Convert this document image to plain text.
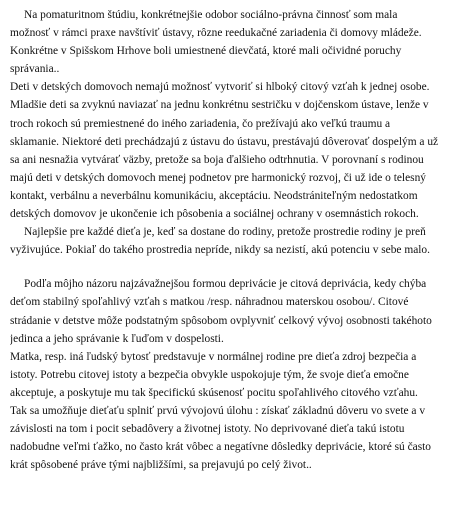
Na pomaturitnom štúdiu, konkrétnejšie odobor sociálno-právna činnosť som mala
možnosť v rámci praxe navštíviť ústavy, rôzne reedukačné zariadenia či domovy mládeže.
Konkrétne v Spišskom Hrhove boli umiestnené dievčatá, ktoré mali očividné poruchy
správania..
Deti v detských domovoch nemajú možnosť vytvoriť si hlboký citový vzťah k jednej osobe.
Mladšie deti sa zvyknú naviazať na jednu konkrétnu sestričku v dojčenskom ústave, lenže v
troch rokoch sú premiestnené do iného zariadenia, čo prežívajú ako veľkú traumu a
sklamanie. Niektoré deti prechádzajú z ústavu do ústavu, prestávajú dôverovať dospelým a už
sa ani nesnažia vytvárať väzby, pretože sa boja ďalšieho odtrhnutia. V porovnaní s rodinou
majú deti v detských domovoch menej podnetov pre harmonický rozvoj, či už ide o telesný
kontakt, verbálnu a neverbálnu komunikáciu, akceptáciu. Neodstrániteľným nedostatkom
detských domovov je ukončenie ich pôsobenia a sociálnej ochrany v osemnástich rokoch.
Najlepšie pre každé dieťa je, keď sa dostane do rodiny, pretože prostredie rodiny je preň
vyživujúce. Pokiaľ do takého prostredia nepríde, nikdy sa nezistí, akú potenciu v sebe malo.
Podľa môjho názoru najzávažnejšou formou deprivácie je citová deprivácia, kedy chýba
deťom stabilný spoľahlivý vzťah s matkou /resp. náhradnou materskou osobou/. Citové
strádanie v detstve môže podstatným spôsobom ovplyvniť celkový vývoj osobnosti takéhoto
jedinca a jeho správanie k ľuďom v dospelosti.
Matka, resp. iná ľudský bytosť predstavuje v normálnej rodine pre dieťa zdroj bezpečia a
istoty. Potrebu citovej istoty a bezpečia obvykle uspokojuje tým, že svoje dieťa emočne
akceptuje, a poskytuje mu tak špecifickú skúsenosť pocitu spoľahlivého citového vzťahu.
Tak sa umožňuje dieťaťu splniť prvú vývojovú úlohu : získať základnú dôveru vo svete a v
závislosti na tom i pocit sebadôvery a životnej istoty. No deprivované dieťa takú istotu
nadobudne veľmi ťažko, no často krát vôbec a negatívne dôsledky deprivácie, ktoré sú často
krát spôsobené práve tými najbližšími, sa prejavujú po celý život..
